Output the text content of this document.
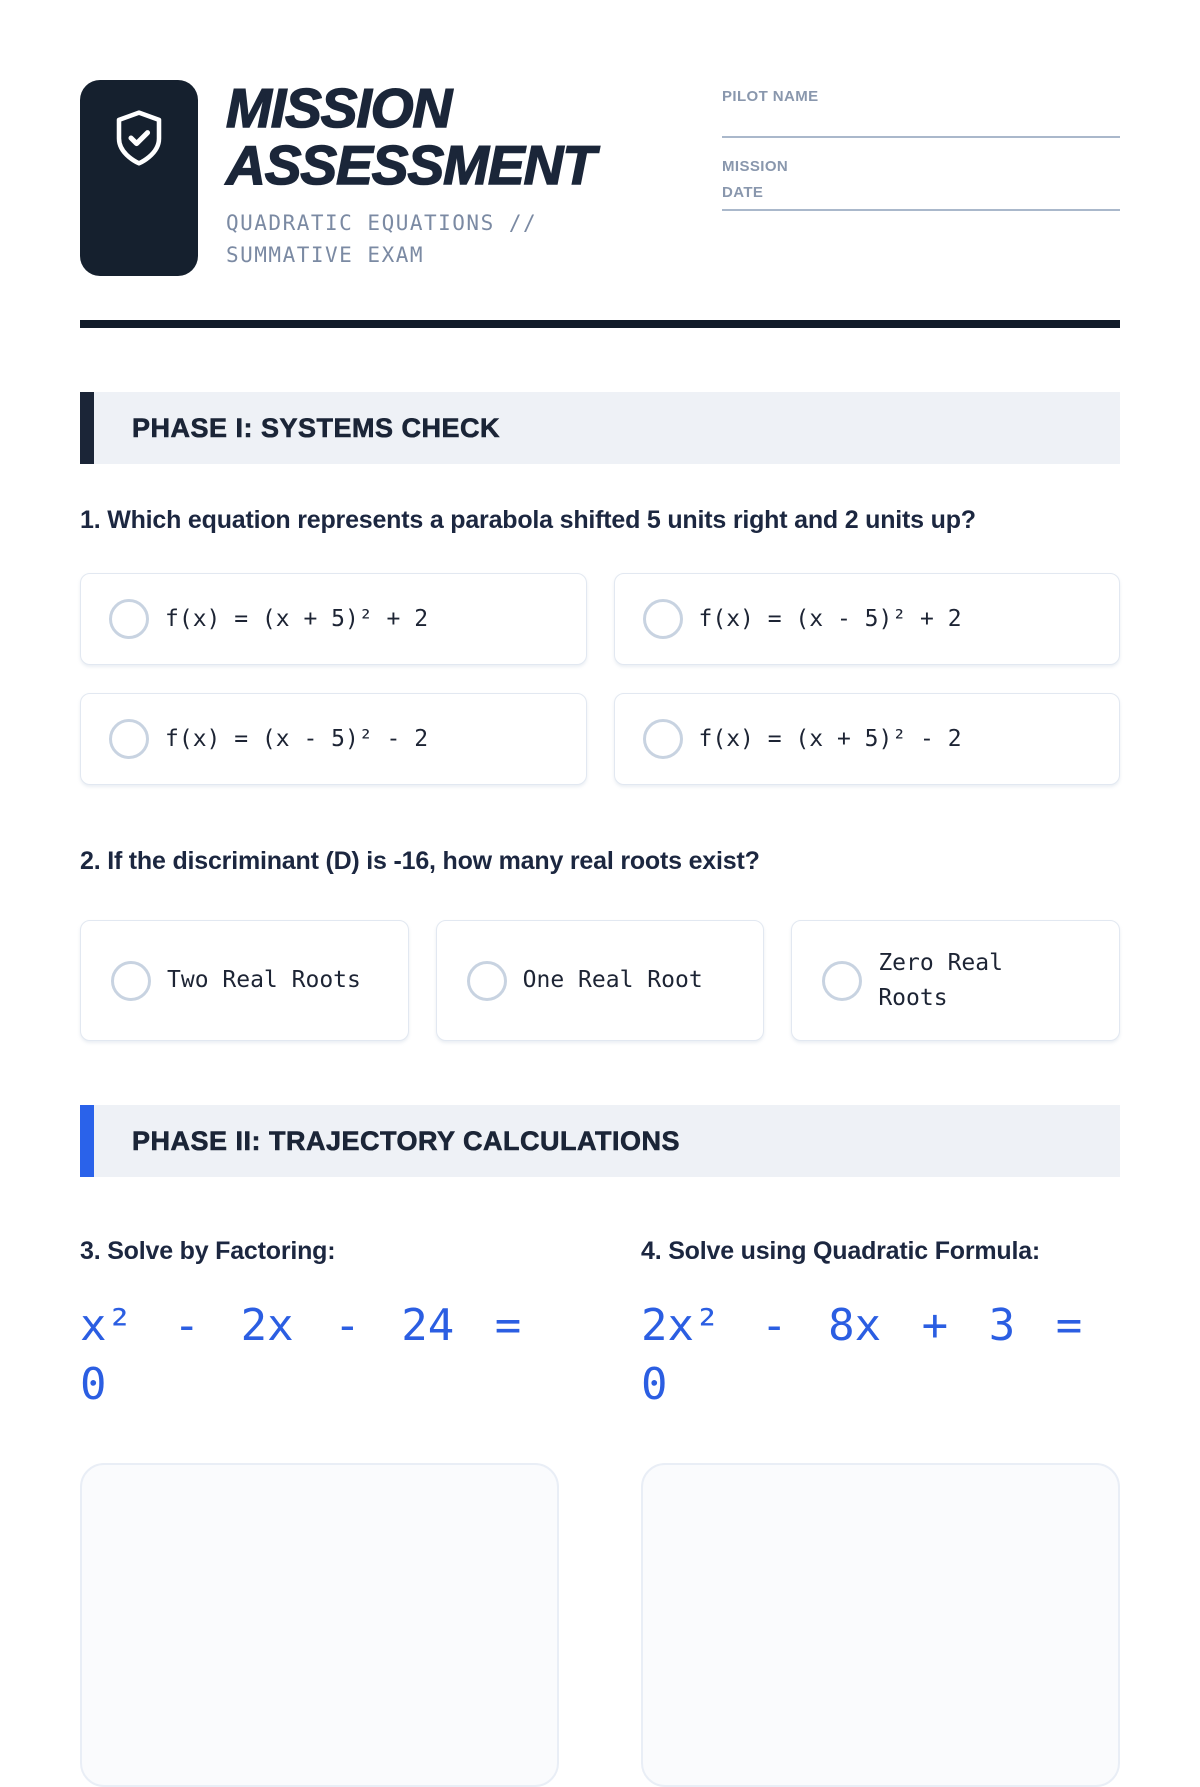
MISSION ASSESSMENT

QUADRATIC EQUATIONS // SUMMATIVE EXAM

PILOT NAME
MISSION DATE
PHASE I: SYSTEMS CHECK
1. Which equation represents a parabola shifted 5 units right and 2 units up?
f(x) = (x + 5)² + 2	f(x) = (x - 5)² + 2
f(x) = (x - 5)² - 2	f(x) = (x + 5)² - 2
2. If the discriminant (D) is -16, how many real roots exist?
Two Real Roots	One Real Root
Zero Real Roots
PHASE II: TRAJECTORY CALCULATIONS
3. Solve by Factoring:
x² - 2x - 24 = 0
4. Solve using Quadratic Formula:
2x² - 8x + 3 = 0
